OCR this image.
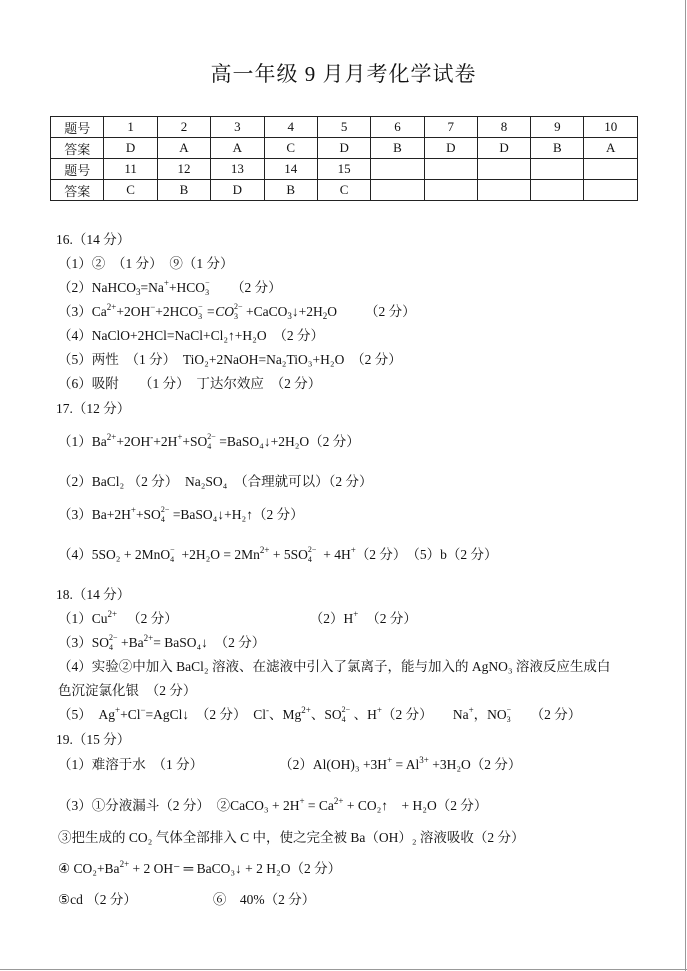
高一年级 9 月月考化学试卷
题号	1	2	3	4	5	6	7	8	9	10
答案	D	A	A	C	D	B	D	D	B	A
题号	11	12	13	14	15					
答案	C	B	D	B	C					
16.（14 分）
（1）②　（1 分）　⑨（1 分）
（2）NaHCO$_3$=Na++HCO −
3 （2 分）
$(3)Ca^{2+}+2OH^-+2HCO$ −
3 =CO 2−
$3 +CaCO_3↓+2H_2O$ （2 分）
（4）NaClO+2HCl=NaCl+Cl₂↑+H₂O　（2 分）
（5）两性　（1 分）　TiO₂+2NaOH=Na₂TiO₃+H₂O　（2 分）
（6）吸附　　（1 分）　丁达尔效应　（2 分）
17.（12 分）
$(1)Ba^{2+}+2OH^-+2H^++SO$ 2−
4 =BaSO₄↓+2H₂O（2 分）
（2）BaCl₂ （2 分）　Na₂SO₄　（合理就可以）（2 分）
（3）Ba+2H++SO 2−
4 =BaSO₄↓+H₂↑（2 分）
（4）5SO₂ + 2MnO −
$4 +2H_2O = 2Mn^{2+} + 5SO$ 2−
4 + 4H+（2 分）　（5）b（2 分）
18.（14 分）
$(1)Cu^{2+}$ （2 分）	（2）H+ （2 分）
（3）SO 2−
$4 +Ba^{2+}=$ BaSO₄↓　（2 分）
（4）实验②中加入 BaCl₂ 溶液、在滤液中引入了氯离子，能与加入的 AgNO₃ 溶液反应生成白
色沉淀氯化银　（2 分）
（5）　Ag++Cl−=AgCl↓　（2 分）　Cl-、$Mg^{2+}$、SO 2−
4 、H+（2 分）　　Na+，NO −
3 （2 分）
19.（15 分）
（1）难溶于水　（1 分）	$(2)Al(OH)_3 +3H^+ = Al^{3+} +3H_2O(2$ 分）
（3）①分液漏斗（2 分）　②CaCO₃ + $2H^+ = Ca^{2+}$ + CO₂↑　+ H₂O（2 分）
③把生成的 CO₂ 气体全部排入 C 中，使之完全被 Ba（OH）₂ 溶液吸收（2 分）
④ $CO_2+Ba^{2+} + 2$ OH⁻ ═ BaCO₃↓ + 2 H₂O（2 分）
⑤cd （2 分）	⑥　40%（2 分）
